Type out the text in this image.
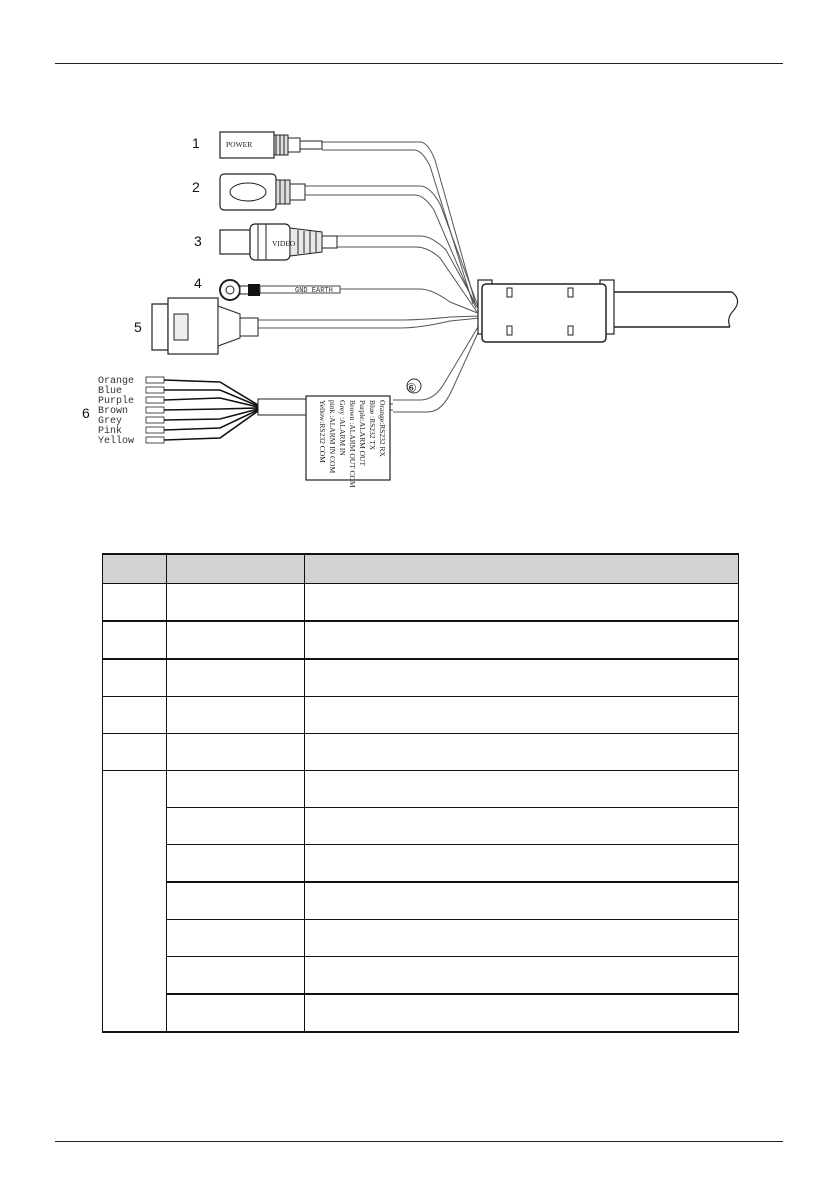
1
2
3
4
5
6
POWER
VIDEO
GND EARTH
Orange
Blue
Purple
Brown
Grey
Pink
Yellow
⑥
Orange:RS232 RX
Blue :RS232 TX
Purple:ALARM OUT
Brown :ALARM OUT COM
Grey :ALARM IN
pink :ALARM IN COM
Yellow:RS232 COM
